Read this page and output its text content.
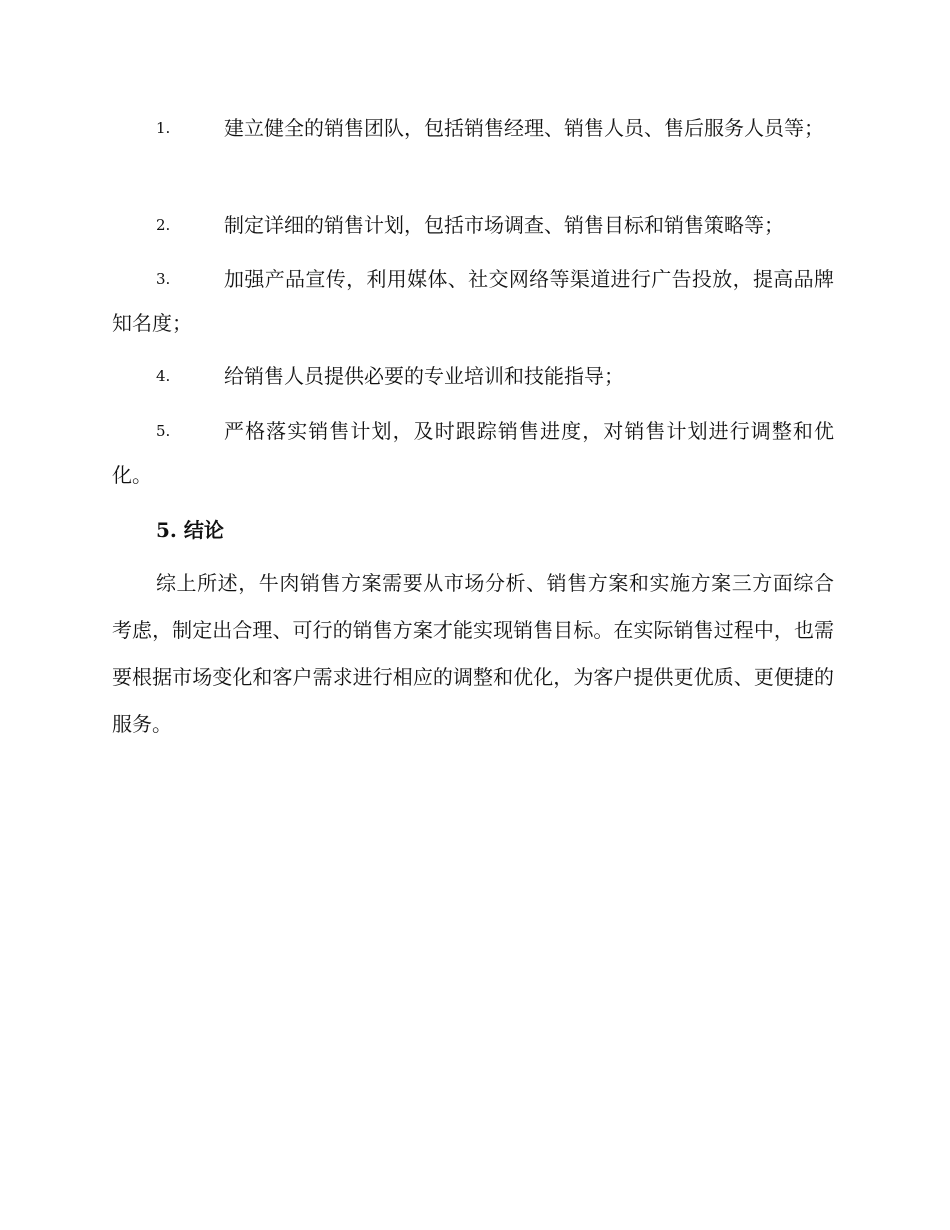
1.	建立健全的销售团队，包括销售经理、销售人员、售后服务人员等；
2.	制定详细的销售计划，包括市场调查、销售目标和销售策略等；
3.	加强产品宣传，利用媒体、社交网络等渠道进行广告投放，提高品牌知名度；
4.	给销售人员提供必要的专业培训和技能指导；
5.	严格落实销售计划，及时跟踪销售进度，对销售计划进行调整和优化。
5. 结论
综上所述，牛肉销售方案需要从市场分析、销售方案和实施方案三方面综合考虑，制定出合理、可行的销售方案才能实现销售目标。在实际销售过程中，也需要根据市场变化和客户需求进行相应的调整和优化，为客户提供更优质、更便捷的服务。
